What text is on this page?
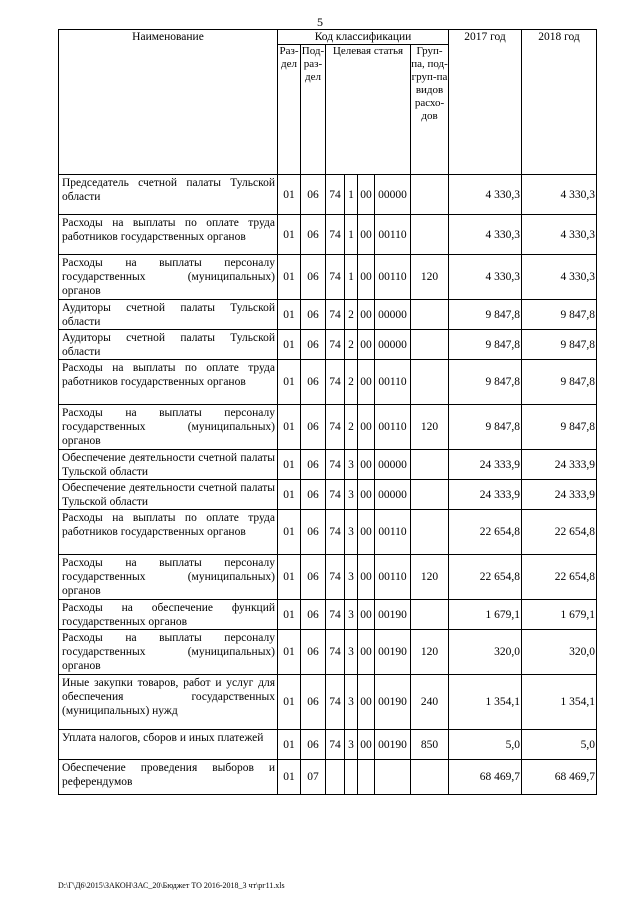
5
Наименование	Код классификации							2017 год	2018 год
	Раз-дел	Под-раз-дел	Целевая статья				Груп-па, под-груп-па видов расхо-дов		
Председатель счетной палаты Тульской области	01	06	74	1	00	00000		4 330,3	4 330,3
Расходы на выплаты по оплате труда работников государственных органов	01	06	74	1	00	00110		4 330,3	4 330,3
Расходы на выплаты персоналу государственных (муниципальных) органов	01	06	74	1	00	00110	120	4 330,3	4 330,3
Аудиторы счетной палаты Тульской области	01	06	74	2	00	00000		9 847,8	9 847,8
Аудиторы счетной палаты Тульской области	01	06	74	2	00	00000		9 847,8	9 847,8
Расходы на выплаты по оплате труда работников государственных органов	01	06	74	2	00	00110		9 847,8	9 847,8
Расходы на выплаты персоналу государственных (муниципальных) органов	01	06	74	2	00	00110	120	9 847,8	9 847,8
Обеспечение деятельности счетной палаты Тульской области	01	06	74	3	00	00000		24 333,9	24 333,9
Обеспечение деятельности счетной палаты Тульской области	01	06	74	3	00	00000		24 333,9	24 333,9
Расходы на выплаты по оплате труда работников государственных органов	01	06	74	3	00	00110		22 654,8	22 654,8
Расходы на выплаты персоналу государственных (муниципальных) органов	01	06	74	3	00	00110	120	22 654,8	22 654,8
Расходы на обеспечение функций государственных органов	01	06	74	3	00	00190		1 679,1	1 679,1
Расходы на выплаты персоналу государственных (муниципальных) органов	01	06	74	3	00	00190	120	320,0	320,0
Иные закупки товаров, работ и услуг для обеспечения государственных (муниципальных) нужд	01	06	74	3	00	00190	240	1 354,1	1 354,1
Уплата налогов, сборов и иных платежей	01	06	74	3	00	00190	850	5,0	5,0
Обеспечение проведения выборов и референдумов	01	07						68 469,7	68 469,7
D:\Г\Д6\2015\ЗАКОН\ЗАС_20\Бюджет ТО 2016-2018_3 чт\рг11.xls
